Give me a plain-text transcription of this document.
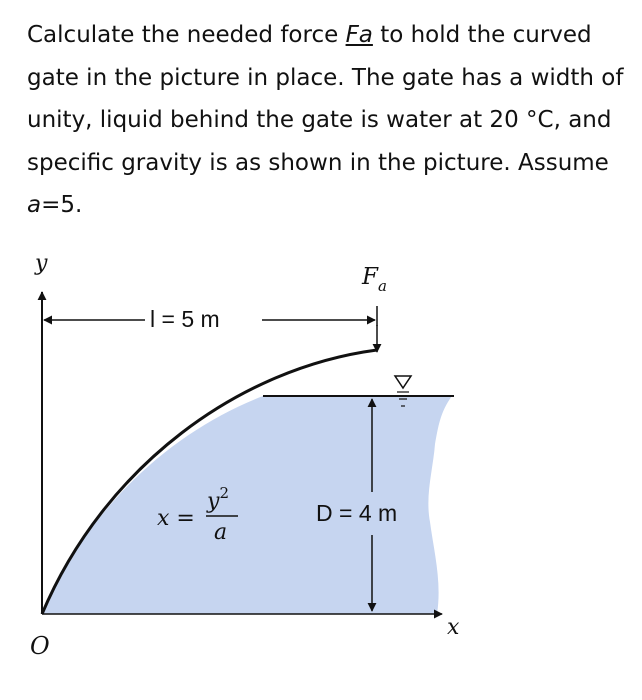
Calculate the needed force Fa to hold the curved gate in the picture in place. The gate has a width of unity, liquid behind the gate is water at 20 °C, and specific gravity is as shown in the picture. Assume a=5.

l = 5 m
$F_a$
D = 4 m
x =
$y^2$
a
y
x
O
